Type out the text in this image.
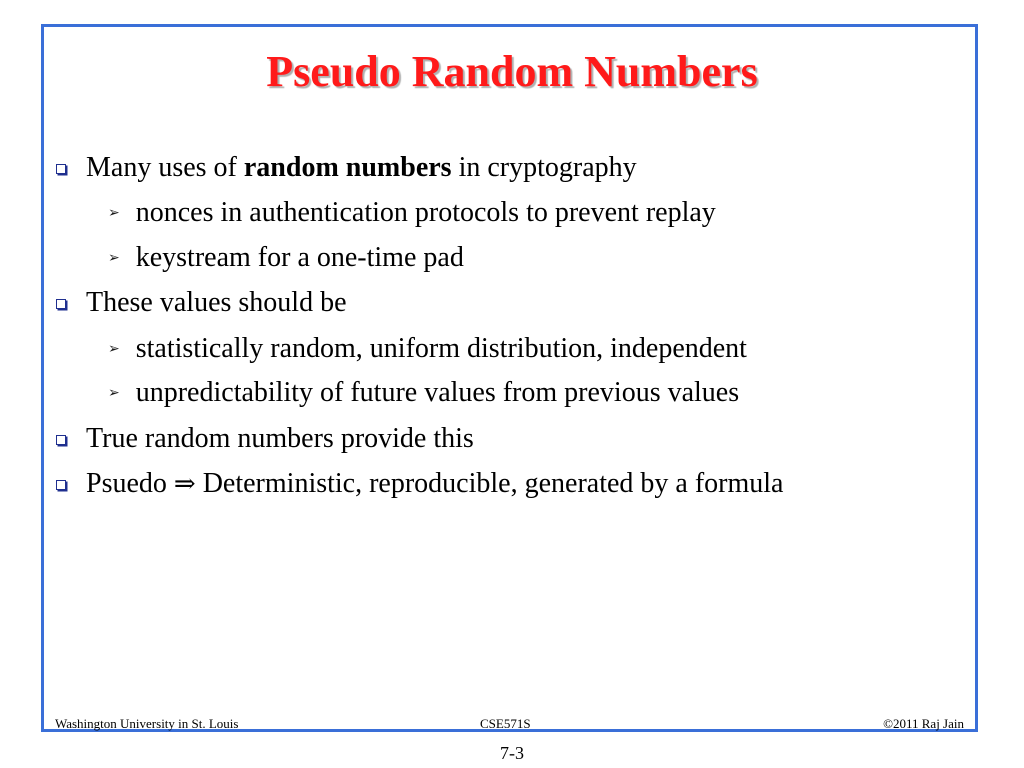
Pseudo Random Numbers
Many uses of random numbers in cryptography
➢ nonces in authentication protocols to prevent replay
➢ keystream for a one-time pad
These values should be
➢ statistically random, uniform distribution, independent
➢ unpredictability of future values from previous values
True random numbers provide this
Psuedo ⇒ Deterministic, reproducible, generated by a formula
Washington University in St. Louis	CSE571S	©2011 Raj Jain
7-3
